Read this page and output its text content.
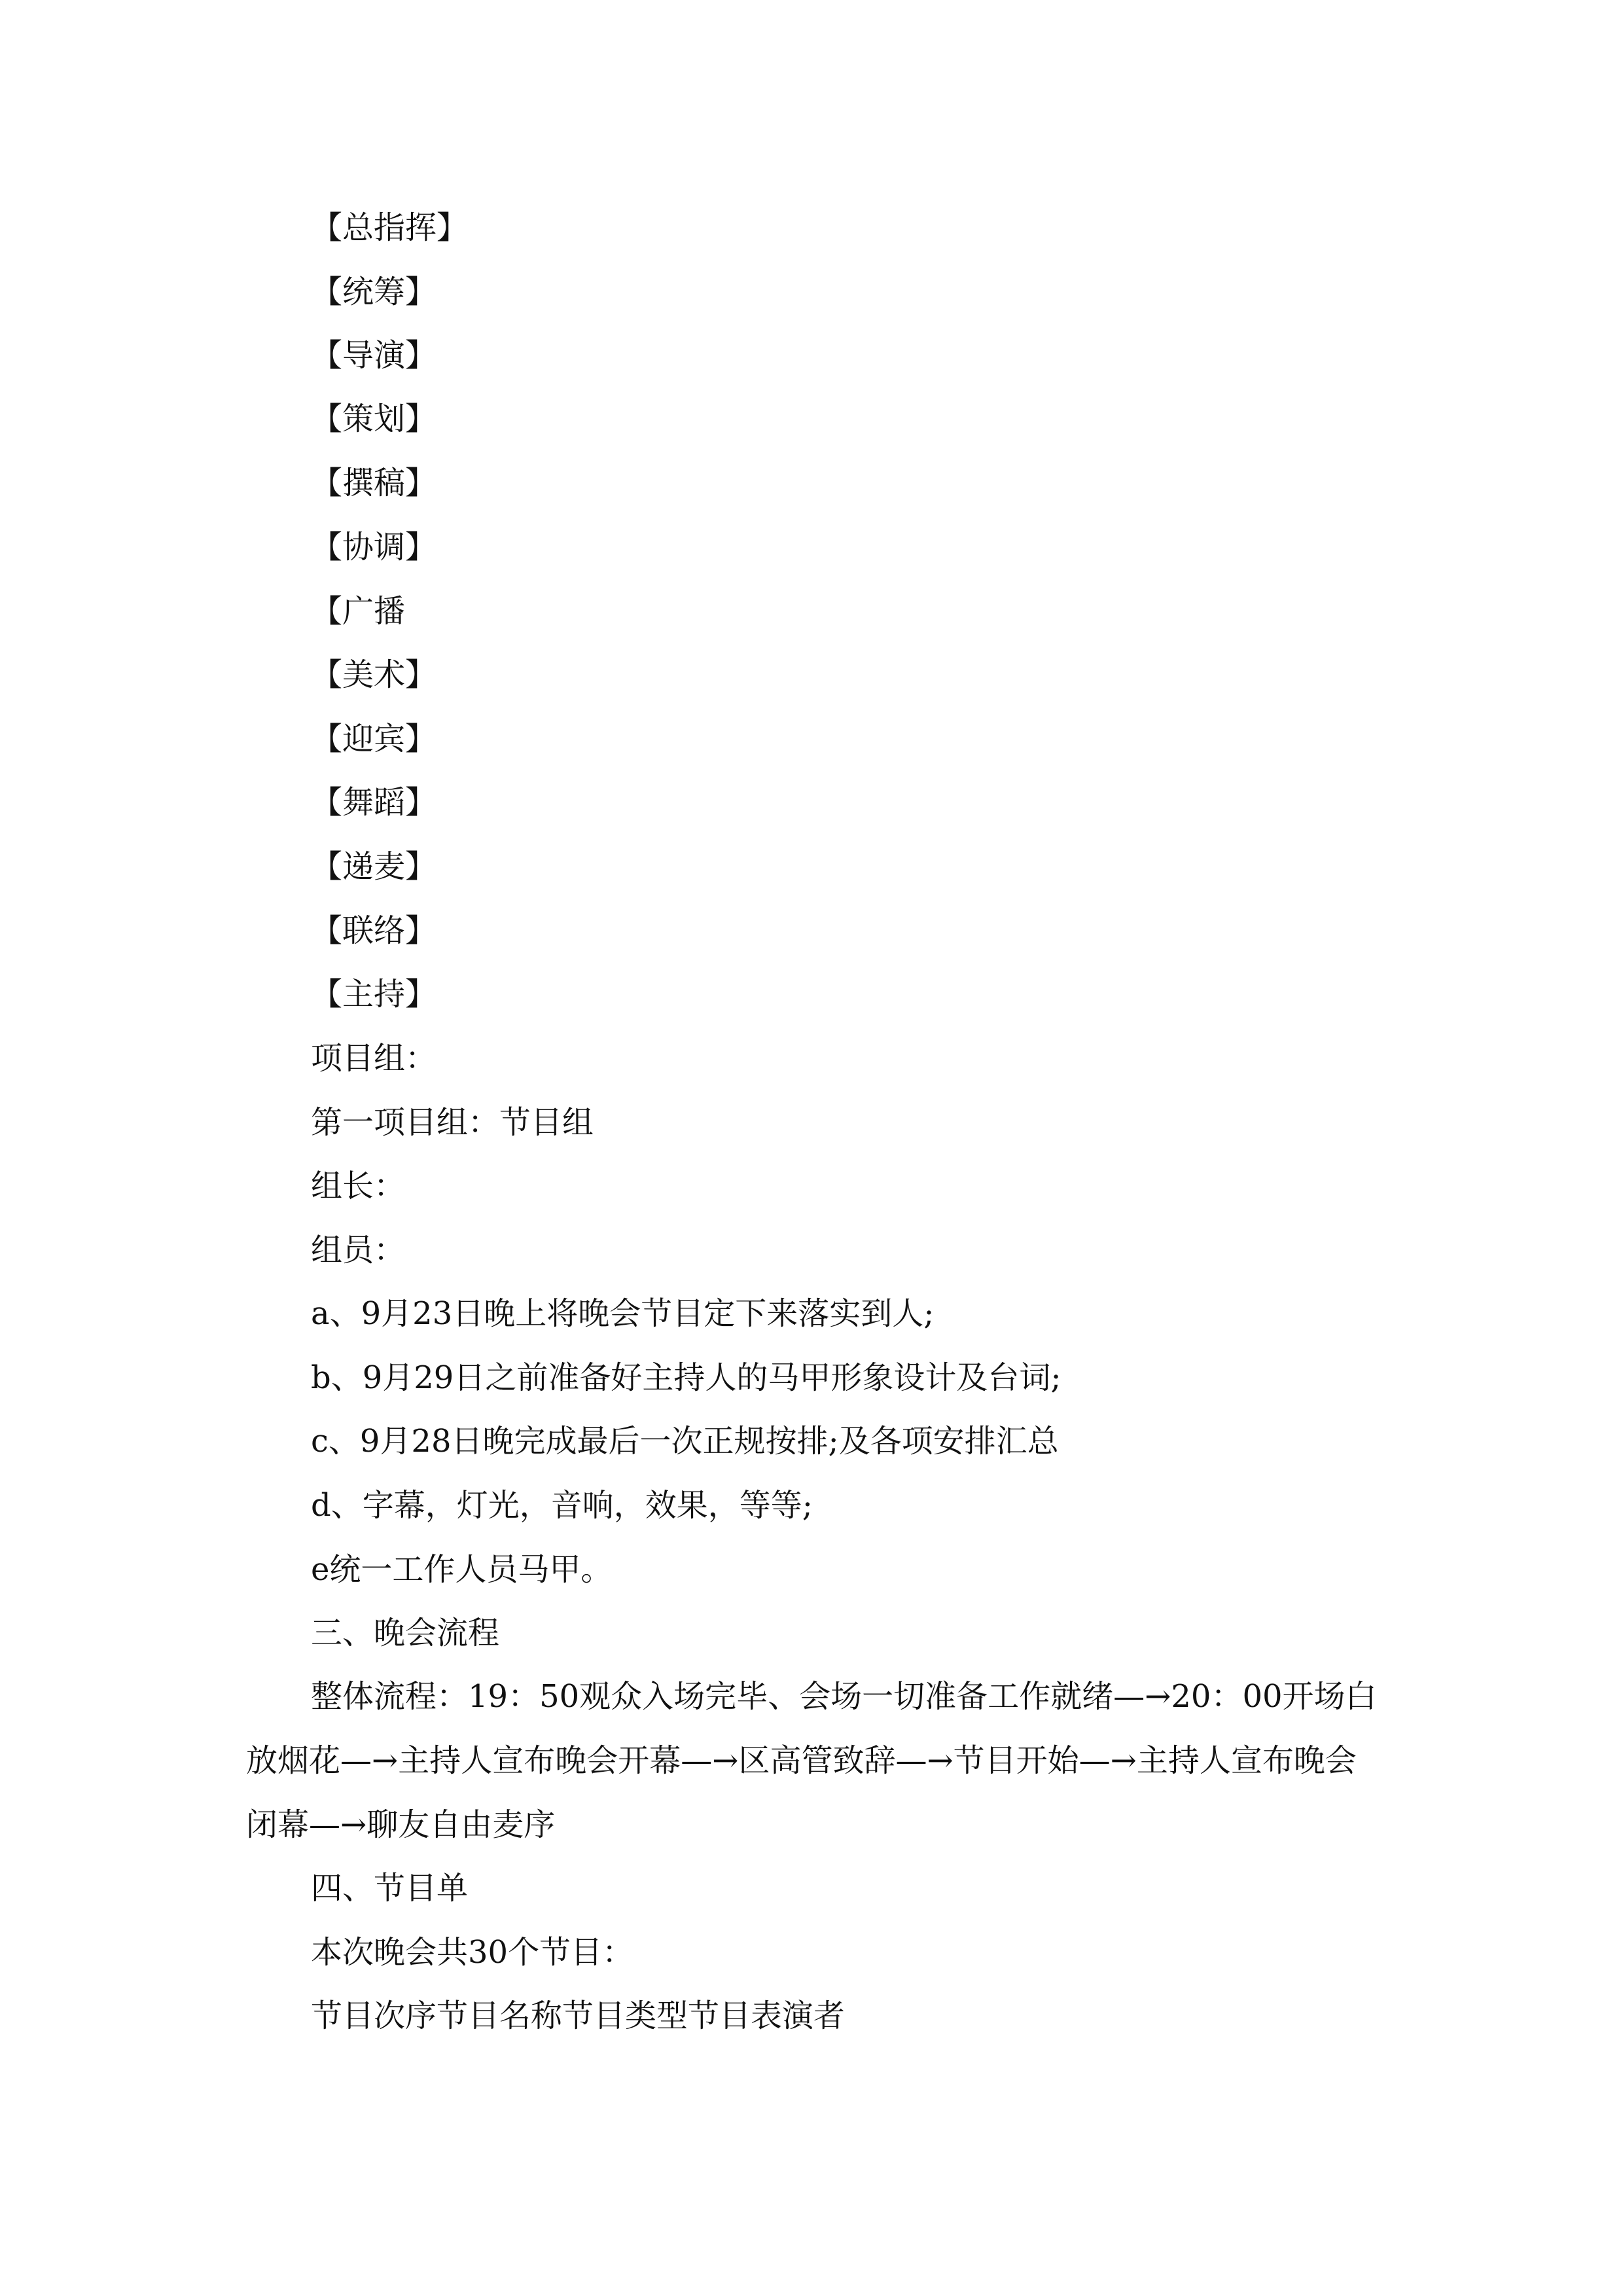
【总指挥】

【统筹】

【导演】

【策划】

【撰稿】

【协调】

【广播

【美术】

【迎宾】

【舞蹈】

【递麦】

【联络】

【主持】

项目组：

第一项目组：节目组

组长：

组员：

a、9月23日晚上将晚会节目定下来落实到人;

b、9月29日之前准备好主持人的马甲形象设计及台词;

c、9月28日晚完成最后一次正规按排;及各项安排汇总

d、字幕，灯光，音响，效果，等等;

e统一工作人员马甲。

三、晚会流程

整体流程：19：50观众入场完毕、会场一切准备工作就绪—→20：00开场白放烟花—→主持人宣布晚会开幕—→区高管致辞—→节目开始—→主持人宣布晚会闭幕—→聊友自由麦序

四、节目单

本次晚会共30个节目：

节目次序节目名称节目类型节目表演者
